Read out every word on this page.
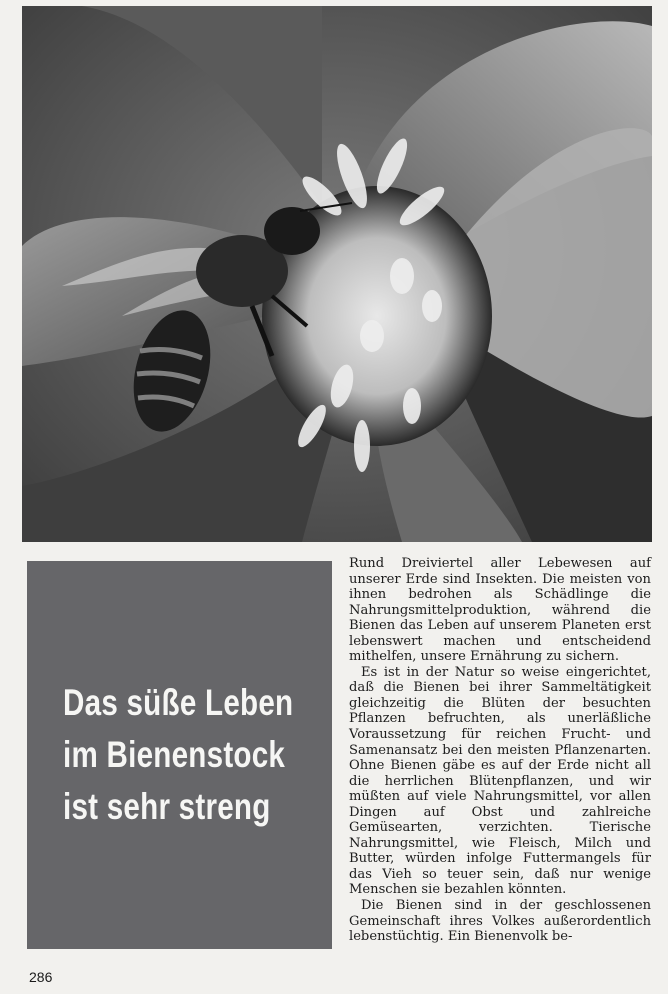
Das süße Leben
im Bienenstock
ist sehr streng

Rund Dreiviertel aller Lebewesen auf unserer Erde sind Insekten. Die meisten von ihnen bedrohen als Schädlinge die Nahrungsmittelproduktion, während die Bienen das Leben auf unserem Planeten erst lebenswert machen und entscheidend mithelfen, unsere Ernährung zu sichern.

Es ist in der Natur so weise eingerichtet, daß die Bienen bei ihrer Sammeltätigkeit gleichzeitig die Blüten der besuchten Pflanzen befruchten, als unerläßliche Voraussetzung für reichen Frucht- und Samenansatz bei den meisten Pflanzenarten. Ohne Bienen gäbe es auf der Erde nicht all die herrlichen Blütenpflanzen, und wir müßten auf viele Nahrungsmittel, vor allen Dingen auf Obst und zahlreiche Gemüsearten, verzichten. Tierische Nahrungsmittel, wie Fleisch, Milch und Butter, würden infolge Futtermangels für das Vieh so teuer sein, daß nur wenige Menschen sie bezahlen könnten.

Die Bienen sind in der geschlossenen Gemeinschaft ihres Volkes außerordentlich lebenstüchtig. Ein Bienenvolk be-

286
